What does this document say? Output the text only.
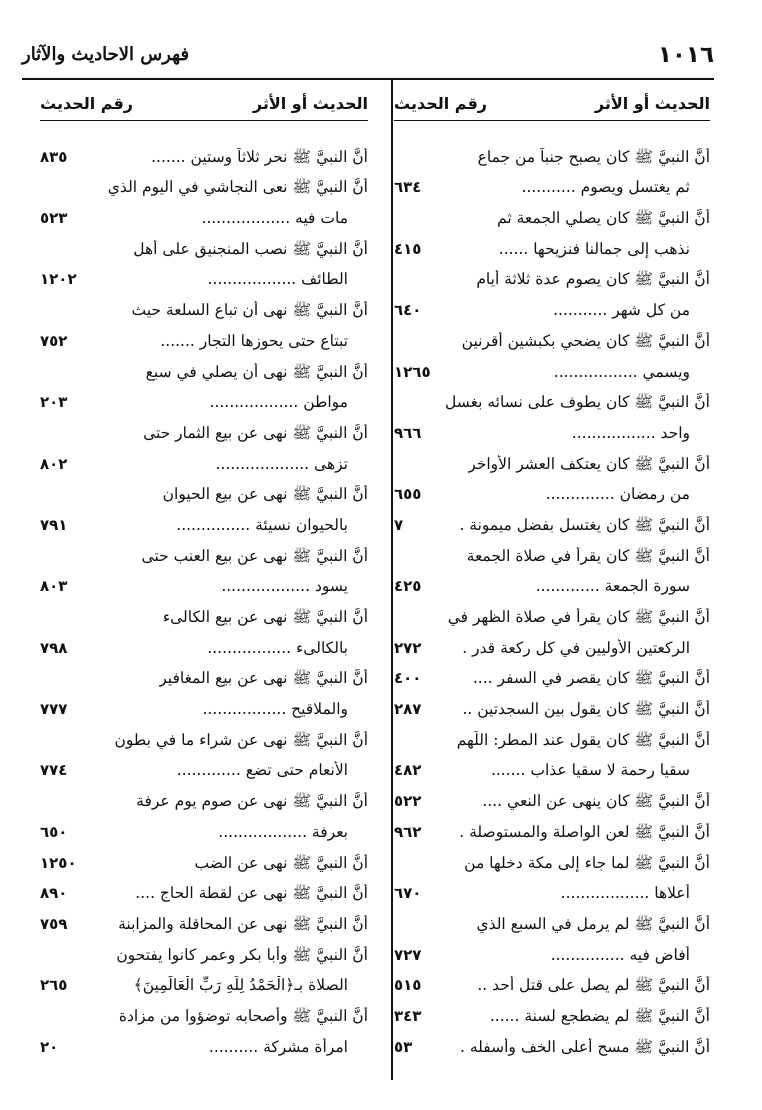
١٠١٦
فهرس الاحاديث والآثار
الحديث أو الأثر
رقم الحديث
أنَّ النبيَّ ﷺ كان يصبح جنباً من جماع
ثم يغتسل ويصوم ...........
٦٣٤
أنَّ النبيَّ ﷺ كان يصلي الجمعة ثم
نذهب إلى جمالنا فنزيحها ......
٤١٥
أنَّ النبيَّ ﷺ كان يصوم عدة ثلاثة أيام
من كل شهر ...........
٦٤٠
أنَّ النبيَّ ﷺ كان يضحي بكبشين أقرنين
ويسمي .................
١٢٦٥
أنَّ النبيَّ ﷺ كان يطوف على نسائه بغسل
واحد .................
٩٦٦
أنَّ النبيَّ ﷺ كان يعتكف العشر الأواخر
من رمضان ..............
٦٥٥
أنَّ النبيَّ ﷺ كان يغتسل بفضل ميمونة .
٧
أنَّ النبيَّ ﷺ كان يقرأ في صلاة الجمعة
سورة الجمعة .............
٤٢٥
أنَّ النبيَّ ﷺ كان يقرأ في صلاة الظهر في
الركعتين الأوليين في كل ركعة قدر .
٢٧٢
أنَّ النبيَّ ﷺ كان يقصر في السفر ....
٤٠٠
أنَّ النبيَّ ﷺ كان يقول بين السجدتين ..
٢٨٧
أنَّ النبيَّ ﷺ كان يقول عند المطر: اللّهم
سقيا رحمة لا سقيا عذاب .......
٤٨٢
أنَّ النبيَّ ﷺ كان ينهى عن النعي ....
٥٢٢
أنَّ النبيَّ ﷺ لعن الواصلة والمستوصلة .
٩٦٢
أنَّ النبيَّ ﷺ لما جاء إلى مكة دخلها من
أعلاها ..................
٦٧٠
أنَّ النبيَّ ﷺ لم يرمل في السبع الذي
أفاض فيه ...............
٧٢٧
أنَّ النبيَّ ﷺ لم يصل على قتل أحد ..
٥١٥
أنَّ النبيَّ ﷺ لم يضطجع لسنة ......
٣٤٣
أنَّ النبيَّ ﷺ مسح أعلى الخف وأسفله .
٥٣
الحديث أو الأثر
رقم الحديث
أنَّ النبيَّ ﷺ نحر ثلاثاً وستين .......
٨٣٥
أنَّ النبيَّ ﷺ نعى النجاشي في اليوم الذي
مات فيه ..................
٥٢٣
أنَّ النبيَّ ﷺ نصب المنجنيق على أهل
الطائف ..................
١٢٠٢
أنَّ النبيَّ ﷺ نهى أن تباع السلعة حيث
تبتاع حتى يحوزها التجار .......
٧٥٢
أنَّ النبيَّ ﷺ نهى أن يصلي في سبع
مواطن ..................
٢٠٣
أنَّ النبيَّ ﷺ نهى عن بيع الثمار حتى
تزهى ...................
٨٠٢
أنَّ النبيَّ ﷺ نهى عن بيع الحيوان
بالحيوان نسيئة ...............
٧٩١
أنَّ النبيَّ ﷺ نهى عن بيع العنب حتى
يسود ..................
٨٠٣
أنَّ النبيَّ ﷺ نهى عن بيع الكالىء
بالكالىء .................
٧٩٨
أنَّ النبيَّ ﷺ نهى عن بيع المغافير
والملاقيح .................
٧٧٧
أنَّ النبيَّ ﷺ نهى عن شراء ما في بطون
الأنعام حتى تضع .............
٧٧٤
أنَّ النبيَّ ﷺ نهى عن صوم يوم عرفة
بعرفة ..................
٦٥٠
أنَّ النبيَّ ﷺ نهى عن الضب
١٢٥٠
أنَّ النبيَّ ﷺ نهى عن لقطة الحاج ....
٨٩٠
أنَّ النبيَّ ﷺ نهى عن المحاقلة والمزابنة
٧٥٩
أنَّ النبيَّ ﷺ وأبا بكر وعمر كانوا يفتحون
الصلاة بـ﴿الْحَمْدُ لِلَّهِ رَبِّ الْعَالَمِينَ﴾
٢٦٥
أنَّ النبيَّ ﷺ وأصحابه توضؤوا من مزادة
امرأة مشركة ..........
٢٠
